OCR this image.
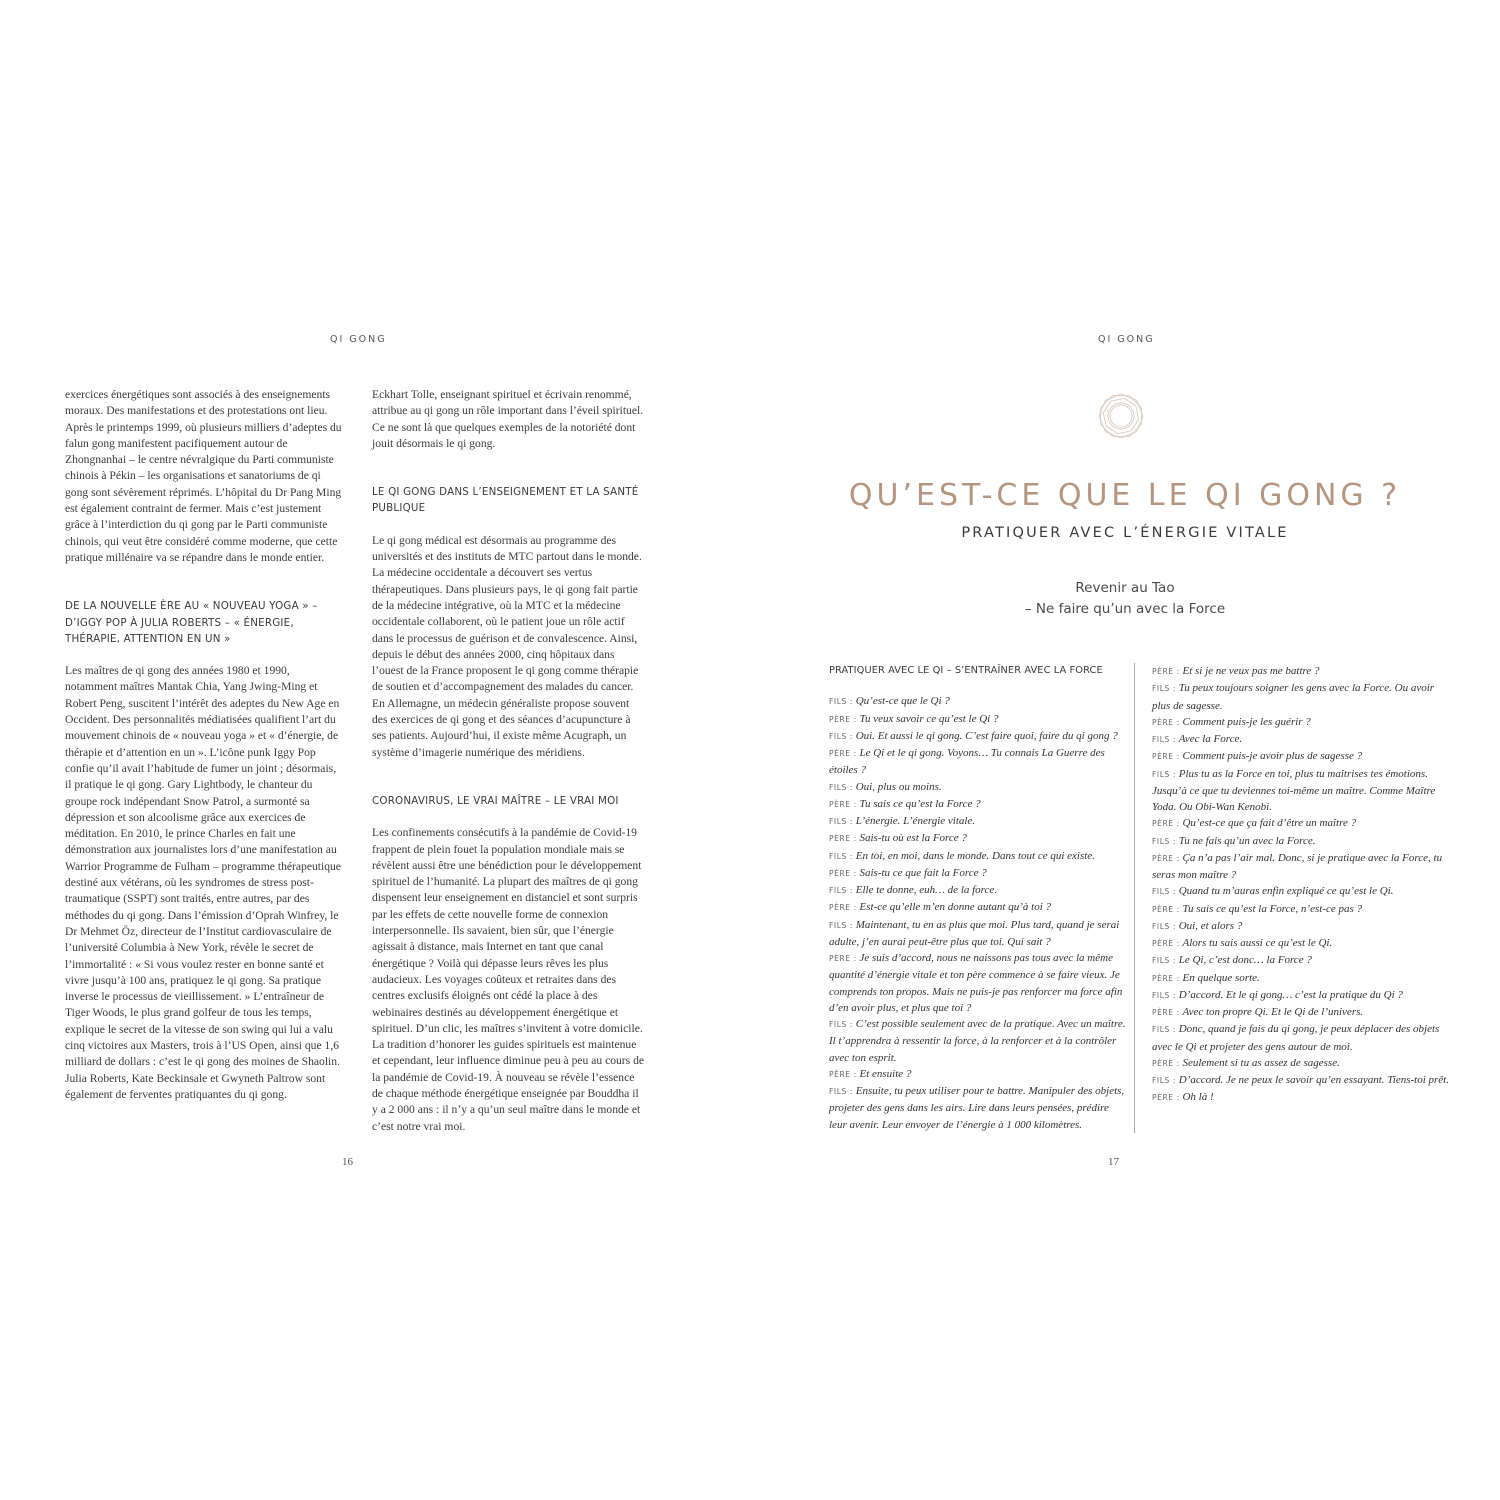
QI GONG

exercices énergétiques sont associés à des enseignements moraux. Des manifestations et des protestations ont lieu. Après le printemps 1999, où plusieurs milliers d’adeptes du falun gong manifestent pacifiquement autour de Zhongnanhai – le centre névralgique du Parti communiste chinois à Pékin – les organisations et sanatoriums de qi gong sont sévèrement réprimés. L’hôpital du Dr Pang Ming est également contraint de fermer. Mais c’est justement grâce à l’interdiction du qi gong par le Parti communiste chinois, qui veut être considéré comme moderne, que cette pratique millénaire va se répandre dans le monde entier.

DE LA NOUVELLE ÈRE AU « NOUVEAU YOGA » – D’IGGY POP À JULIA ROBERTS – « ÉNERGIE, THÉRAPIE, ATTENTION EN UN »

Les maîtres de qi gong des années 1980 et 1990, notamment maîtres Mantak Chia, Yang Jwing-Ming et Robert Peng, suscitent l’intérêt des adeptes du New Age en Occident. Des personnalités médiatisées qualifient l’art du mouvement chinois de « nouveau yoga » et « d’énergie, de thérapie et d’attention en un ». L’icône punk Iggy Pop confie qu’il avait l’habitude de fumer un joint ; désormais, il pratique le qi gong. Gary Lightbody, le chanteur du groupe rock indépendant Snow Patrol, a surmonté sa dépression et son alcoolisme grâce aux exercices de méditation. En 2010, le prince Charles en fait une démonstration aux journalistes lors d’une manifestation au Warrior Programme de Fulham – programme thérapeutique destiné aux vétérans, où les syndromes de stress post-traumatique (SSPT) sont traités, entre autres, par des méthodes du qi gong. Dans l’émission d’Oprah Winfrey, le Dr Mehmet Öz, directeur de l’Institut cardiovasculaire de l’université Columbia à New York, révèle le secret de l’immortalité : « Si vous voulez rester en bonne santé et vivre jusqu’à 100 ans, pratiquez le qi gong. Sa pratique inverse le processus de vieillissement. » L’entraîneur de Tiger Woods, le plus grand golfeur de tous les temps, explique le secret de la vitesse de son swing qui lui a valu cinq victoires aux Masters, trois à l’US Open, ainsi que 1,6 milliard de dollars : c’est le qi gong des moines de Shaolin. Julia Roberts, Kate Beckinsale et Gwyneth Paltrow sont également de ferventes pratiquantes du qi gong.

Eckhart Tolle, enseignant spirituel et écrivain renommé, attribue au qi gong un rôle important dans l’éveil spirituel. Ce ne sont là que quelques exemples de la notoriété dont jouit désormais le qi gong.

LE QI GONG DANS L’ENSEIGNEMENT ET LA SANTÉ PUBLIQUE

Le qi gong médical est désormais au programme des universités et des instituts de MTC partout dans le monde. La médecine occidentale a découvert ses vertus thérapeutiques. Dans plusieurs pays, le qi gong fait partie de la médecine intégrative, où la MTC et la médecine occidentale collaborent, où le patient joue un rôle actif dans le processus de guérison et de convalescence. Ainsi, depuis le début des années 2000, cinq hôpitaux dans l’ouest de la France proposent le qi gong comme thérapie de soutien et d’accompagnement des malades du cancer. En Allemagne, un médecin généraliste propose souvent des exercices de qi gong et des séances d’acupuncture à ses patients. Aujourd’hui, il existe même Acugraph, un système d’imagerie numérique des méridiens.

CORONAVIRUS, LE VRAI MAÎTRE – LE VRAI MOI

Les confinements consécutifs à la pandémie de Covid-19 frappent de plein fouet la population mondiale mais se révèlent aussi être une bénédiction pour le développement spirituel de l’humanité. La plupart des maîtres de qi gong dispensent leur enseignement en distanciel et sont surpris par les effets de cette nouvelle forme de connexion interpersonnelle. Ils savaient, bien sûr, que l’énergie agissait à distance, mais Internet en tant que canal énergétique ? Voilà qui dépasse leurs rêves les plus audacieux. Les voyages coûteux et retraites dans des centres exclusifs éloignés ont cédé la place à des webinaires destinés au développement énergétique et spirituel. D’un clic, les maîtres s’invitent à votre domicile. La tradition d’honorer les guides spirituels est maintenue et cependant, leur influence diminue peu à peu au cours de la pandémie de Covid-19. À nouveau se révèle l’essence de chaque méthode énergétique enseignée par Bouddha il y a 2 000 ans : il n’y a qu’un seul maître dans le monde et c’est notre vrai moi.

16
QI GONG
QU’EST-CE QUE LE QI GONG ?
PRATIQUER AVEC L’ÉNERGIE VITALE
Revenir au Tao
– Ne faire qu’un avec la Force
PRATIQUER AVEC LE QI – S’ENTRAÎNER AVEC LA FORCE

FILS : Qu’est-ce que le Qi ?

PÈRE : Tu veux savoir ce qu’est le Qi ?

FILS : Oui. Et aussi le qi gong. C’est faire quoi, faire du qi gong ?

PÈRE : Le Qi et le qi gong. Voyons… Tu connais La Guerre des étoiles ?

FILS : Oui, plus ou moins.

PÈRE : Tu sais ce qu’est la Force ?

FILS : L’énergie. L’énergie vitale.

PÈRE : Sais-tu où est la Force ?

FILS : En toi, en moi, dans le monde. Dans tout ce qui existe.

PÈRE : Sais-tu ce que fait la Force ?

FILS : Elle te donne, euh… de la force.

PÈRE : Est-ce qu’elle m’en donne autant qu’à toi ?

FILS : Maintenant, tu en as plus que moi. Plus tard, quand je serai adulte, j’en aurai peut-être plus que toi. Qui sait ?

PÈRE : Je suis d’accord, nous ne naissons pas tous avec la même quantité d’énergie vitale et ton père commence à se faire vieux. Je comprends ton propos. Mais ne puis-je pas renforcer ma force afin d’en avoir plus, et plus que toi ?

FILS : C’est possible seulement avec de la pratique. Avec un maître. Il t’apprendra à ressentir la force, à la renforcer et à la contrôler avec ton esprit.

PÈRE : Et ensuite ?

FILS : Ensuite, tu peux utiliser pour te battre. Manipuler des objets, projeter des gens dans les airs. Lire dans leurs pensées, prédire leur avenir. Leur envoyer de l’énergie à 1 000 kilomètres.

PÈRE : Et si je ne veux pas me battre ?

FILS : Tu peux toujours soigner les gens avec la Force. Ou avoir plus de sagesse.

PÈRE : Comment puis-je les guérir ?

FILS : Avec la Force.

PÈRE : Comment puis-je avoir plus de sagesse ?

FILS : Plus tu as la Force en toi, plus tu maîtrises tes émotions. Jusqu’à ce que tu deviennes toi-même un maître. Comme Maître Yoda. Ou Obi-Wan Kenobi.

PÈRE : Qu’est-ce que ça fait d’être un maître ?

FILS : Tu ne fais qu’un avec la Force.

PÈRE : Ça n’a pas l’air mal. Donc, si je pratique avec la Force, tu seras mon maître ?

FILS : Quand tu m’auras enfin expliqué ce qu’est le Qi.

PÈRE : Tu sais ce qu’est la Force, n’est-ce pas ?

FILS : Oui, et alors ?

PÈRE : Alors tu sais aussi ce qu’est le Qi.

FILS : Le Qi, c’est donc… la Force ?

PÈRE : En quelque sorte.

FILS : D’accord. Et le qi gong… c’est la pratique du Qi ?

PÈRE : Avec ton propre Qi. Et le Qi de l’univers.

FILS : Donc, quand je fais du qi gong, je peux déplacer des objets avec le Qi et projeter des gens autour de moi.

PÈRE : Seulement si tu as assez de sagesse.

FILS : D’accord. Je ne peux le savoir qu’en essayant. Tiens-toi prêt.

PÈRE : Oh là !

17
